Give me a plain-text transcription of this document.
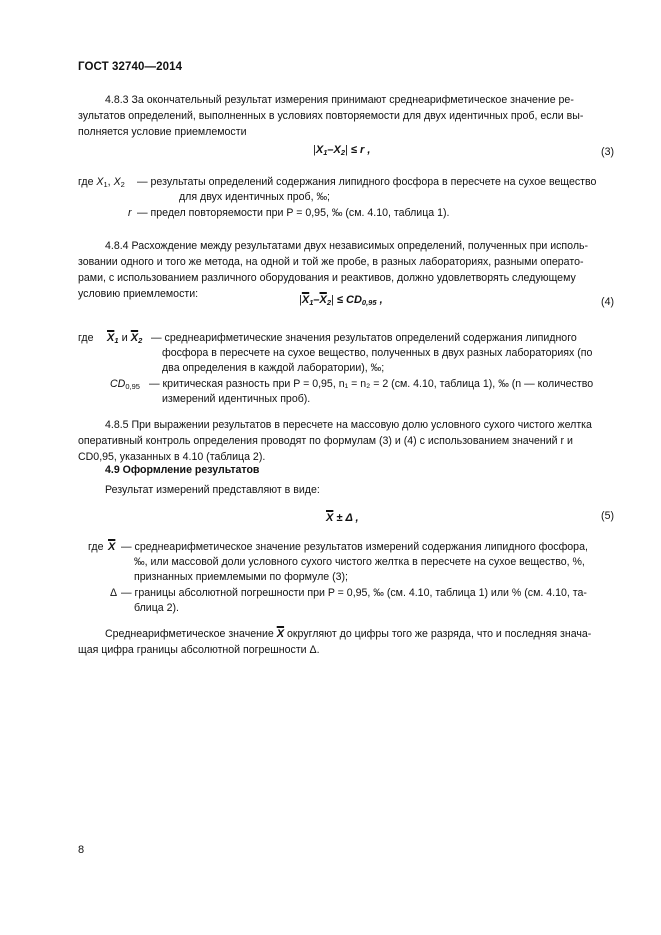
ГОСТ 32740—2014
4.8.3 За окончательный результат измерения принимают среднеарифметическое значение ре-
зультатов определений, выполненных в условиях повторяемости для двух идентичных проб, если вы-
полняется условие приемлемости
$|X_1-X_2| \le r$ ,	(3)
где $X_1$, $X_2$ — результаты определений содержания липидного фосфора в пересчете на сухое вещество
для двух идентичных проб, ‰;
r — предел повторяемости при P = 0,95, ‰ (см. 4.10, таблица 1).
4.8.4 Расхождение между результатами двух независимых определений, полученных при исполь-
зовании одного и того же метода, на одной и той же пробе, в разных лабораториях, разными операто-
рами, с использованием различного оборудования и реактивов, должно удовлетворять следующему
условию приемлемости:	$|\overline{X}_1-\overline{X}_2| \le CD_{0,95}$ ,	(4)
где $\overline{X}_1$ и $\overline{X}_2$ — среднеарифметические значения результатов определений содержания липидного
фосфора в пересчете на сухое вещество, полученных в двух разных лабораториях (по
два определения в каждой лаборатории), ‰;
$CD_{0,95}$ — критическая разность при P = 0,95, n₁ = n₂ = 2 (см. 4.10, таблица 1), ‰ (n — количество
измерений идентичных проб).
4.8.5 При выражении результатов в пересчете на массовую долю условного сухого чистого желтка
оперативный контроль определения проводят по формулам (3) и (4) с использованием значений r и
CD0,95, указанных в 4.10 (таблица 2).
4.9 Оформление результатов
Результат измерений представляют в виде:
$\overline{X} \pm \Delta$ ,	(5)
где $\overline{X}$ — среднеарифметическое значение результатов измерений содержания липидного фосфора,
‰, или массовой доли условного сухого чистого желтка в пересчете на сухое вещество, %,
признанных приемлемыми по формуле (3);
Δ — границы абсолютной погрешности при P = 0,95, ‰ (см. 4.10, таблица 1) или % (см. 4.10, та-
блица 2).
Среднеарифметическое значение $\overline{X}$ округляют до цифры того же разряда, что и последняя знача-
щая цифра границы абсолютной погрешности Δ.
8
